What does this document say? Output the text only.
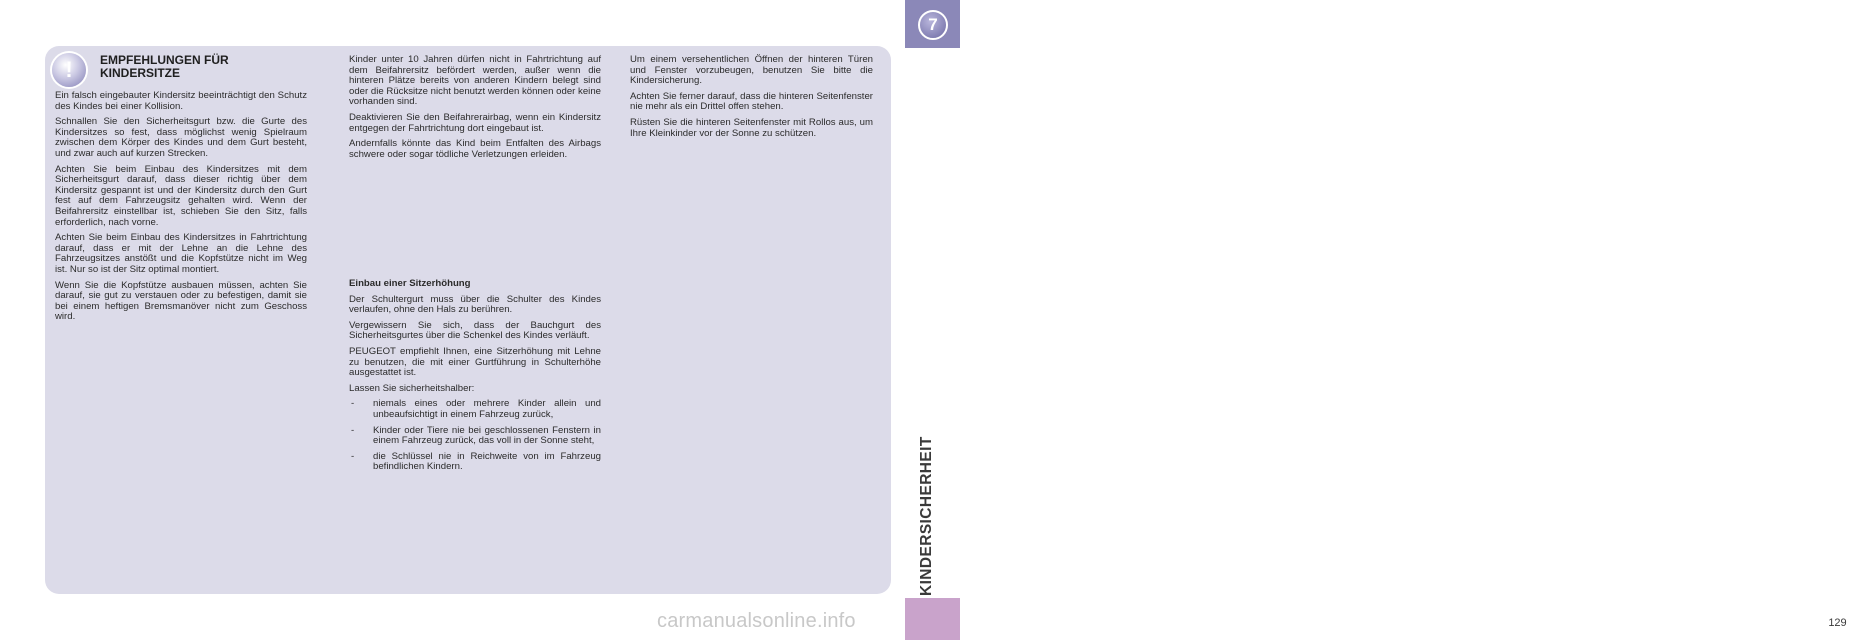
7
129
KINDERSICHERHEIT
!	EMPFEHLUNGEN FÜR KINDERSITZE

Ein falsch eingebauter Kindersitz beeinträchtigt den Schutz des Kindes bei einer Kollision.

Schnallen Sie den Sicherheitsgurt bzw. die Gurte des Kindersitzes so fest, dass möglichst wenig Spielraum zwischen dem Körper des Kindes und dem Gurt besteht, und zwar auch auf kurzen Strecken.

Achten Sie beim Einbau des Kindersitzes mit dem Sicherheitsgurt darauf, dass dieser richtig über dem Kindersitz gespannt ist und der Kindersitz durch den Gurt fest auf dem Fahrzeugsitz gehalten wird. Wenn der Beifahrersitz einstellbar ist, schieben Sie den Sitz, falls erforderlich, nach vorne.

Achten Sie beim Einbau des Kindersitzes in Fahrtrichtung darauf, dass er mit der Lehne an die Lehne des Fahrzeugsitzes anstößt und die Kopfstütze nicht im Weg ist. Nur so ist der Sitz optimal montiert.

Wenn Sie die Kopfstütze ausbauen müssen, achten Sie darauf, sie gut zu verstauen oder zu befestigen, damit sie bei einem heftigen Bremsmanöver nicht zum Geschoss wird.

Kinder unter 10 Jahren dürfen nicht in Fahrtrichtung auf dem Beifahrersitz befördert werden, außer wenn die hinteren Plätze bereits von anderen Kindern belegt sind oder die Rücksitze nicht benutzt werden können oder keine vorhanden sind.

Deaktivieren Sie den Beifahrerairbag, wenn ein Kindersitz entgegen der Fahrtrichtung dort eingebaut ist.

Andernfalls könnte das Kind beim Entfalten des Airbags schwere oder sogar tödliche Verletzungen erleiden.

Einbau einer Sitzerhöhung

Der Schultergurt muss über die Schulter des Kindes verlaufen, ohne den Hals zu berühren.

Vergewissern Sie sich, dass der Bauchgurt des Sicherheitsgurtes über die Schenkel des Kindes verläuft.

PEUGEOT empfiehlt Ihnen, eine Sitzerhöhung mit Lehne zu benutzen, die mit einer Gurtführung in Schulterhöhe ausgestattet ist.

Lassen Sie sicherheitshalber:

- niemals eines oder mehrere Kinder allein und unbeaufsichtigt in einem Fahrzeug zurück,
- Kinder oder Tiere nie bei geschlossenen Fenstern in einem Fahrzeug zurück, das voll in der Sonne steht,
- die Schlüssel nie in Reichweite von im Fahrzeug befindlichen Kindern.

Um einem versehentlichen Öffnen der hinteren Türen und Fenster vorzubeugen, benutzen Sie bitte die Kindersicherung.

Achten Sie ferner darauf, dass die hinteren Seitenfenster nie mehr als ein Drittel offen stehen.

Rüsten Sie die hinteren Seitenfenster mit Rollos aus, um Ihre Kleinkinder vor der Sonne zu schützen.

carmanualsonline.info
